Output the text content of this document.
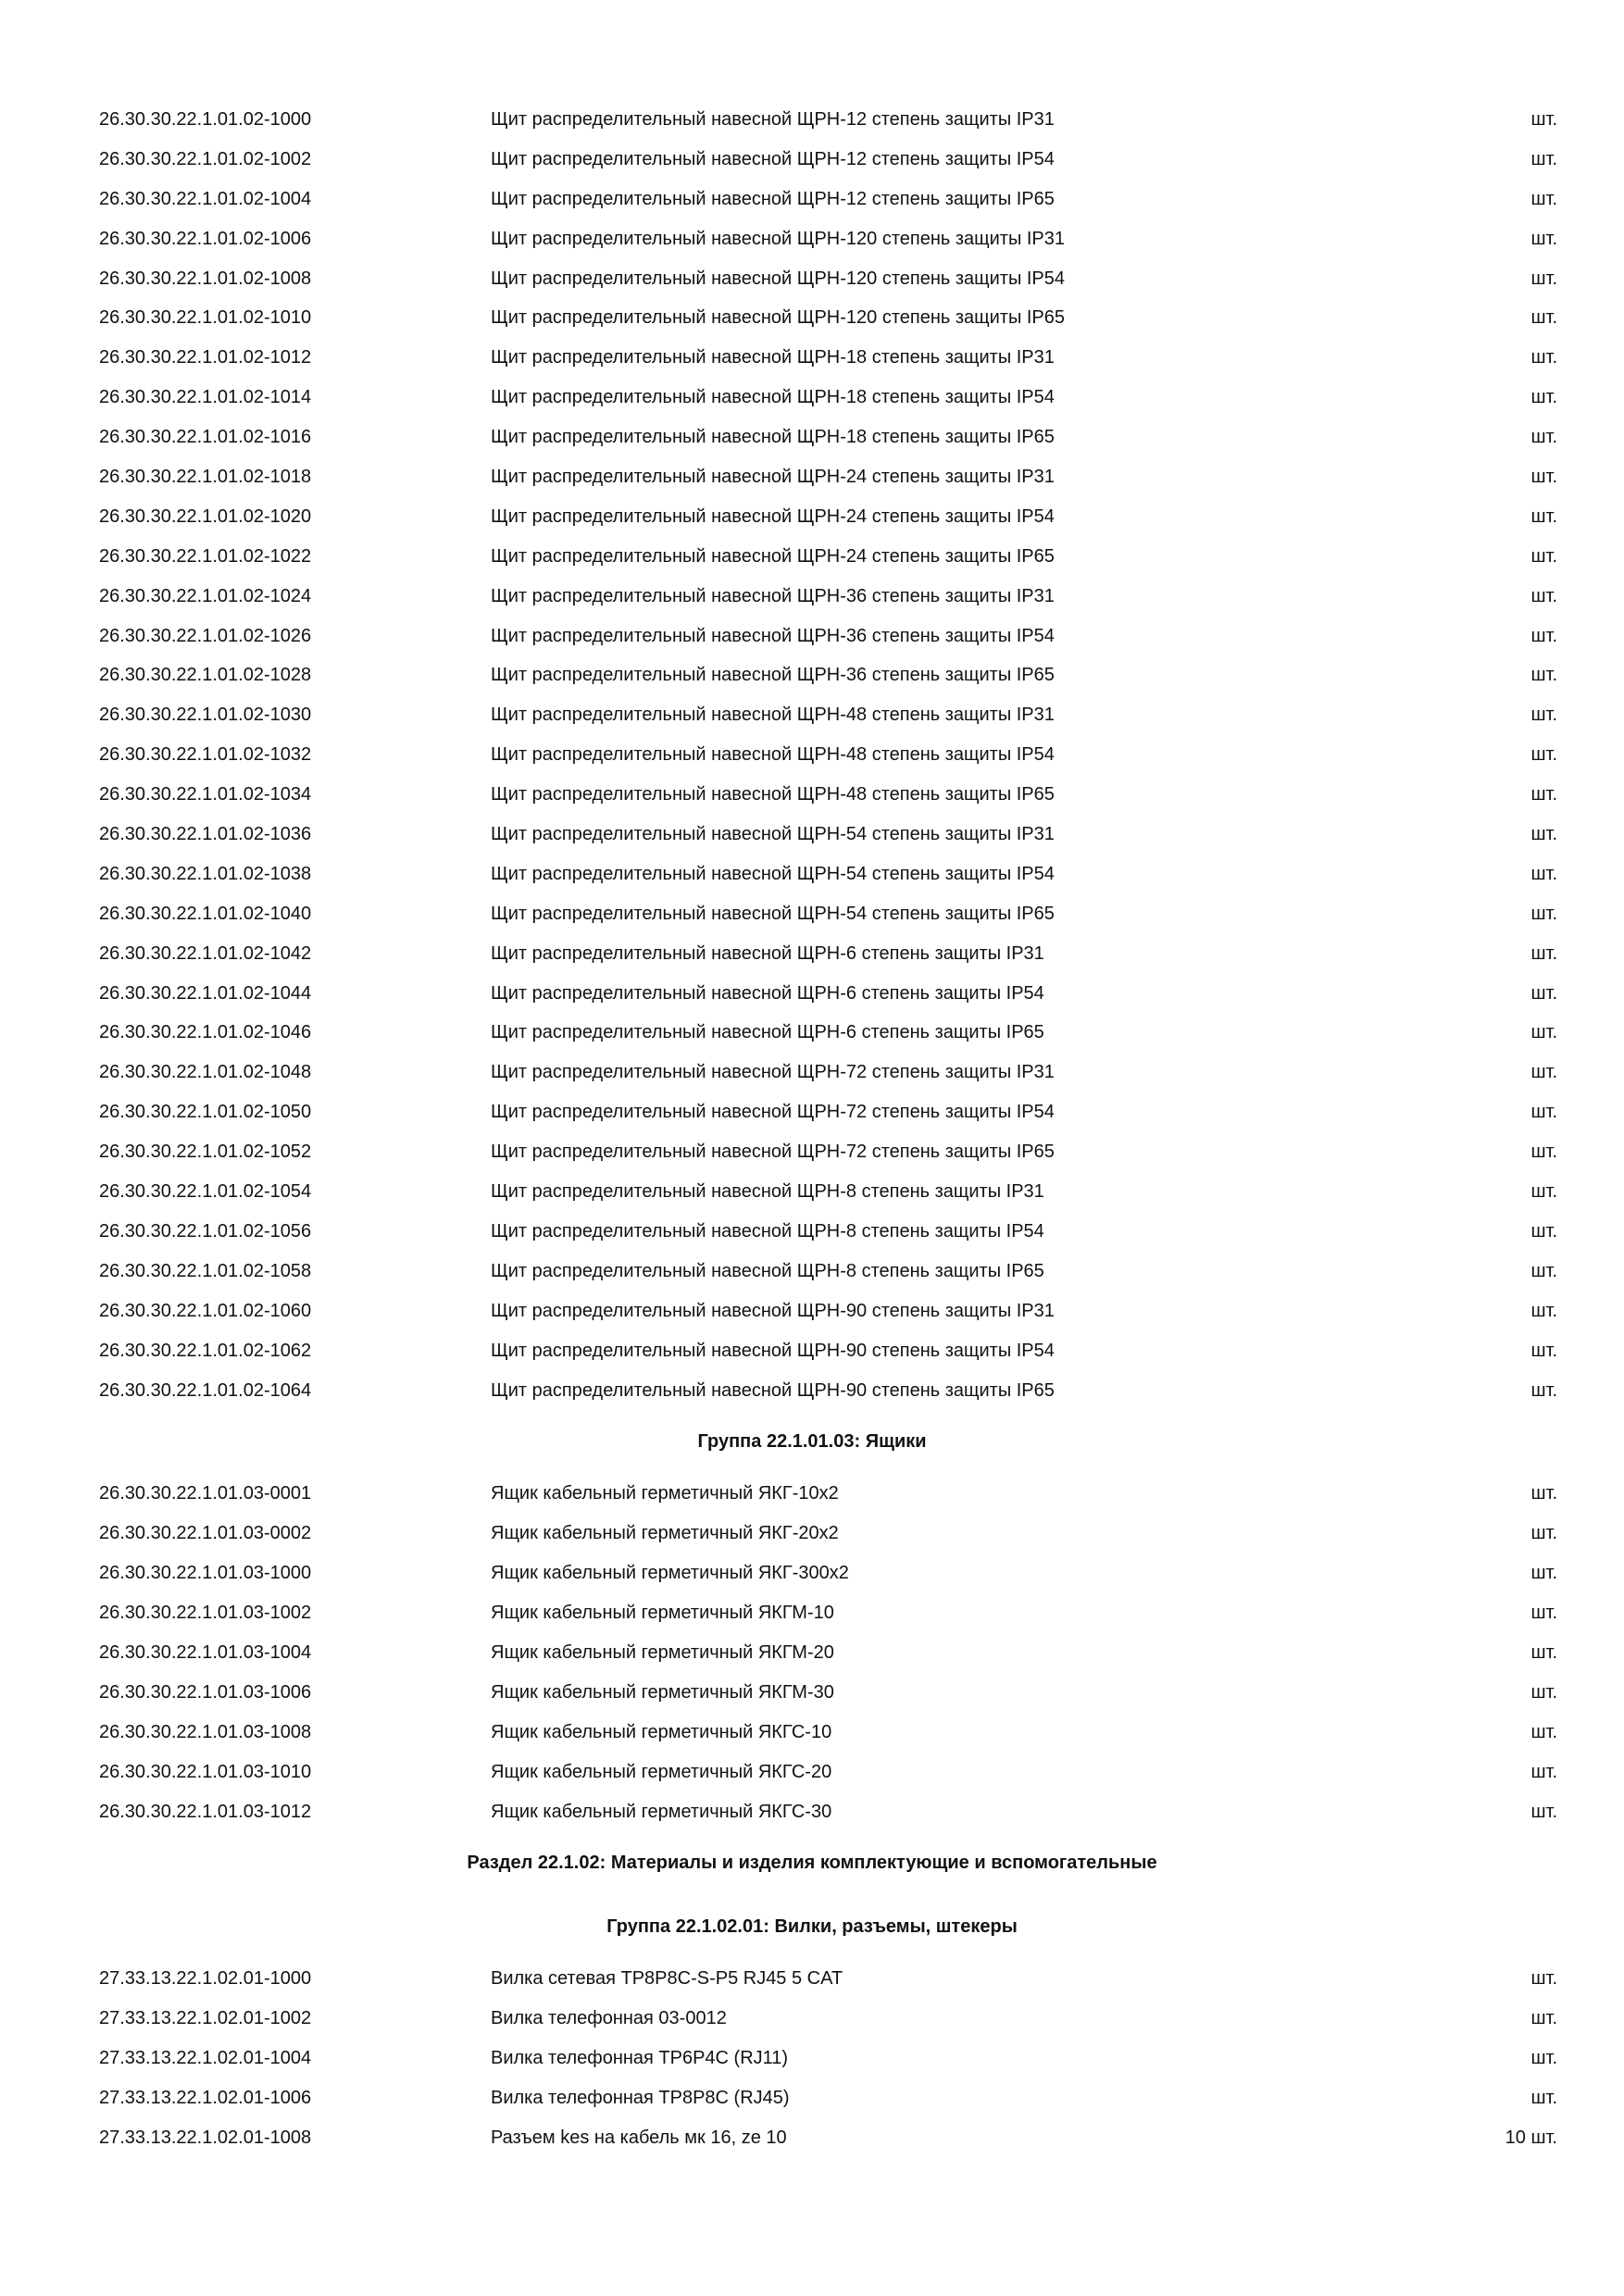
26.30.30.22.1.01.02-1000	Щит распределительный навесной ЩРН-12 степень защиты IP31	шт.
26.30.30.22.1.01.02-1002	Щит распределительный навесной ЩРН-12 степень защиты IP54	шт.
26.30.30.22.1.01.02-1004	Щит распределительный навесной ЩРН-12 степень защиты IP65	шт.
26.30.30.22.1.01.02-1006	Щит распределительный навесной ЩРН-120 степень защиты IP31	шт.
26.30.30.22.1.01.02-1008	Щит распределительный навесной ЩРН-120 степень защиты IP54	шт.
26.30.30.22.1.01.02-1010	Щит распределительный навесной ЩРН-120 степень защиты IP65	шт.
26.30.30.22.1.01.02-1012	Щит распределительный навесной ЩРН-18 степень защиты IP31	шт.
26.30.30.22.1.01.02-1014	Щит распределительный навесной ЩРН-18 степень защиты IP54	шт.
26.30.30.22.1.01.02-1016	Щит распределительный навесной ЩРН-18 степень защиты IP65	шт.
26.30.30.22.1.01.02-1018	Щит распределительный навесной ЩРН-24 степень защиты IP31	шт.
26.30.30.22.1.01.02-1020	Щит распределительный навесной ЩРН-24 степень защиты IP54	шт.
26.30.30.22.1.01.02-1022	Щит распределительный навесной ЩРН-24 степень защиты IP65	шт.
26.30.30.22.1.01.02-1024	Щит распределительный навесной ЩРН-36 степень защиты IP31	шт.
26.30.30.22.1.01.02-1026	Щит распределительный навесной ЩРН-36 степень защиты IP54	шт.
26.30.30.22.1.01.02-1028	Щит распределительный навесной ЩРН-36 степень защиты IP65	шт.
26.30.30.22.1.01.02-1030	Щит распределительный навесной ЩРН-48 степень защиты IP31	шт.
26.30.30.22.1.01.02-1032	Щит распределительный навесной ЩРН-48 степень защиты IP54	шт.
26.30.30.22.1.01.02-1034	Щит распределительный навесной ЩРН-48 степень защиты IP65	шт.
26.30.30.22.1.01.02-1036	Щит распределительный навесной ЩРН-54 степень защиты IP31	шт.
26.30.30.22.1.01.02-1038	Щит распределительный навесной ЩРН-54 степень защиты IP54	шт.
26.30.30.22.1.01.02-1040	Щит распределительный навесной ЩРН-54 степень защиты IP65	шт.
26.30.30.22.1.01.02-1042	Щит распределительный навесной ЩРН-6 степень защиты IP31	шт.
26.30.30.22.1.01.02-1044	Щит распределительный навесной ЩРН-6 степень защиты IP54	шт.
26.30.30.22.1.01.02-1046	Щит распределительный навесной ЩРН-6 степень защиты IP65	шт.
26.30.30.22.1.01.02-1048	Щит распределительный навесной ЩРН-72 степень защиты IP31	шт.
26.30.30.22.1.01.02-1050	Щит распределительный навесной ЩРН-72 степень защиты IP54	шт.
26.30.30.22.1.01.02-1052	Щит распределительный навесной ЩРН-72 степень защиты IP65	шт.
26.30.30.22.1.01.02-1054	Щит распределительный навесной ЩРН-8 степень защиты IP31	шт.
26.30.30.22.1.01.02-1056	Щит распределительный навесной ЩРН-8 степень защиты IP54	шт.
26.30.30.22.1.01.02-1058	Щит распределительный навесной ЩРН-8 степень защиты IP65	шт.
26.30.30.22.1.01.02-1060	Щит распределительный навесной ЩРН-90 степень защиты IP31	шт.
26.30.30.22.1.01.02-1062	Щит распределительный навесной ЩРН-90 степень защиты IP54	шт.
26.30.30.22.1.01.02-1064	Щит распределительный навесной ЩРН-90 степень защиты IP65	шт.
Группа 22.1.01.03: Ящики
26.30.30.22.1.01.03-0001	Ящик кабельный герметичный ЯКГ-10х2	шт.
26.30.30.22.1.01.03-0002	Ящик кабельный герметичный ЯКГ-20х2	шт.
26.30.30.22.1.01.03-1000	Ящик кабельный герметичный ЯКГ-300х2	шт.
26.30.30.22.1.01.03-1002	Ящик кабельный герметичный ЯКГМ-10	шт.
26.30.30.22.1.01.03-1004	Ящик кабельный герметичный ЯКГМ-20	шт.
26.30.30.22.1.01.03-1006	Ящик кабельный герметичный ЯКГМ-30	шт.
26.30.30.22.1.01.03-1008	Ящик кабельный герметичный ЯКГС-10	шт.
26.30.30.22.1.01.03-1010	Ящик кабельный герметичный ЯКГС-20	шт.
26.30.30.22.1.01.03-1012	Ящик кабельный герметичный ЯКГС-30	шт.
Раздел 22.1.02: Материалы и изделия комплектующие и вспомогательные
Группа 22.1.02.01: Вилки, разъемы, штекеры
27.33.13.22.1.02.01-1000	Вилка сетевая TP8P8C-S-P5 RJ45 5 CAT	шт.
27.33.13.22.1.02.01-1002	Вилка телефонная 03-0012	шт.
27.33.13.22.1.02.01-1004	Вилка телефонная TP6P4C (RJ11)	шт.
27.33.13.22.1.02.01-1006	Вилка телефонная TP8P8C (RJ45)	шт.
27.33.13.22.1.02.01-1008	Разъем kes на кабель мк 16, ze 10	10 шт.
